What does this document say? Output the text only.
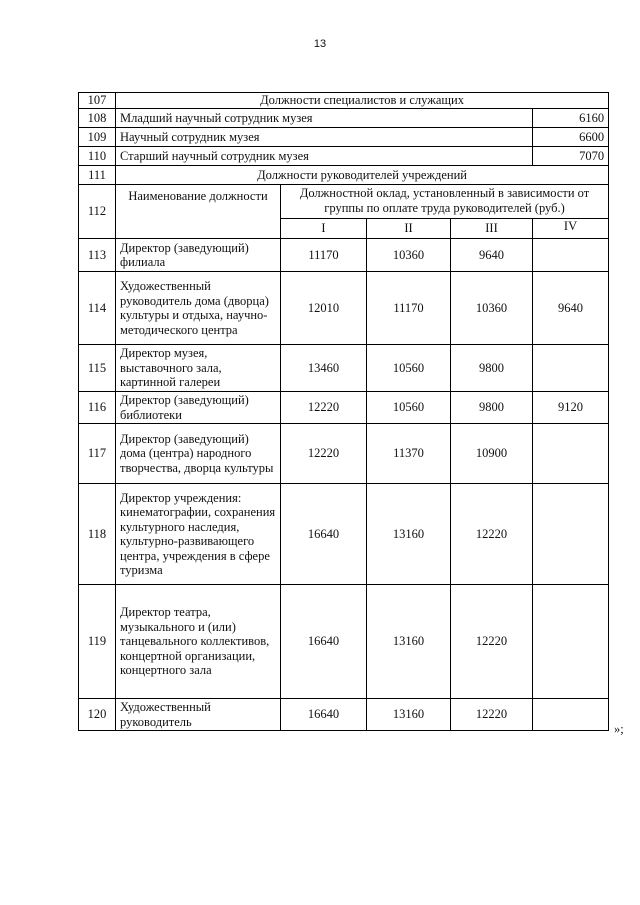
13
107	Должности специалистов и служащих				
108	Младший научный сотрудник музея				6160
109	Научный сотрудник музея				6600
110	Старший научный сотрудник музея				7070
111	Должности руководителей учреждений				
112	Наименование должности	Должностной оклад, установленный в зависимости от группы по оплате труда руководителей (руб.)			
		I	II	III	IV
113	Директор (заведующий) филиала	11170	10360	9640	
114	Художественный руководитель дома (дворца) культуры и отдыха, научно-методического центра	12010	11170	10360	9640
115	Директор музея, выставочного зала, картинной галереи	13460	10560	9800	
116	Директор (заведующий) библиотеки	12220	10560	9800	9120
117	Директор (заведующий) дома (центра) народного творчества, дворца культуры	12220	11370	10900	
118	Директор учреждения: кинематографии, сохранения культурного наследия, культурно-развивающего центра, учреждения в сфере туризма	16640	13160	12220	
119	Директор театра, музыкального и (или) танцевального коллективов, концертной организации, концертного зала	16640	13160	12220	
120	Художественный руководитель	16640	13160	12220	
»;
